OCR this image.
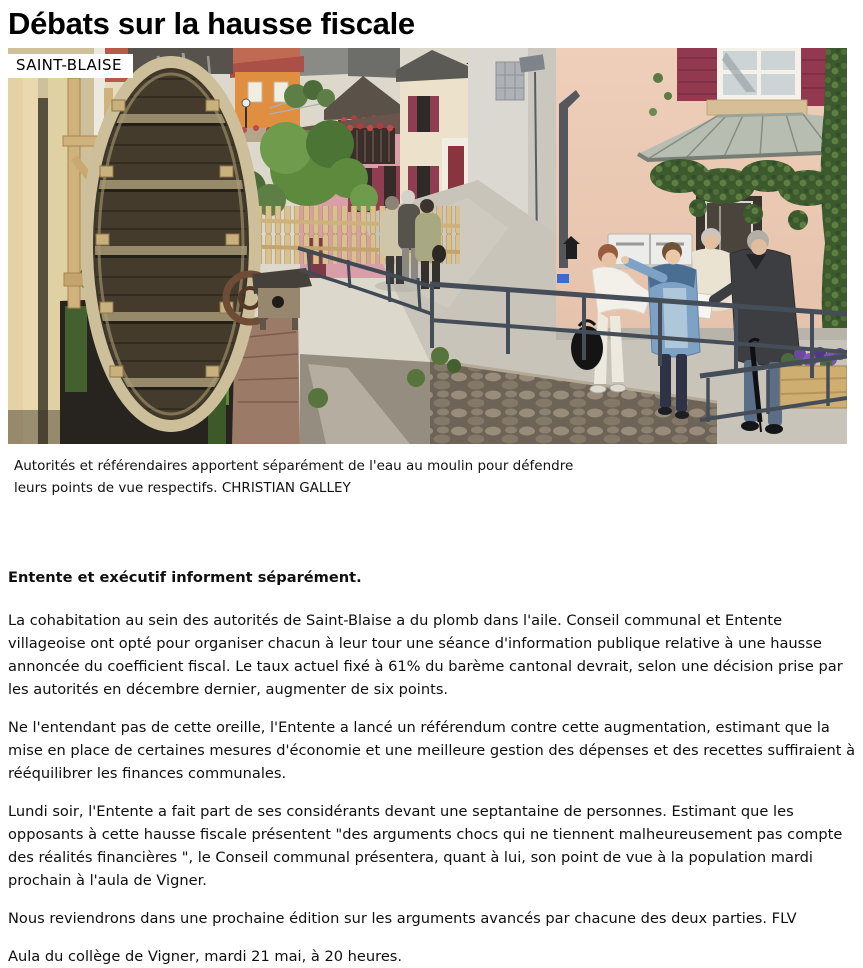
Débats sur la hausse fiscale
SAINT-BLAISE

Autorités et référendaires apportent séparément de l'eau au moulin pour défendre leurs points de vue respectifs. CHRISTIAN GALLEY

Entente et exécutif informent séparément.

La cohabitation au sein des autorités de Saint-Blaise a du plomb dans l'aile. Conseil communal et Entente villageoise ont opté pour organiser chacun à leur tour une séance d'information publique relative à une hausse annoncée du coefficient fiscal. Le taux actuel fixé à 61% du barème cantonal devrait, selon une décision prise par les autorités en décembre dernier, augmenter de six points.

Ne l'entendant pas de cette oreille, l'Entente a lancé un référendum contre cette augmentation, estimant que la mise en place de certaines mesures d'économie et une meilleure gestion des dépenses et des recettes suffiraient à rééquilibrer les finances communales.

Lundi soir, l'Entente a fait part de ses considérants devant une septantaine de personnes. Estimant que les opposants à cette hausse fiscale présentent "des arguments chocs qui ne tiennent malheureusement pas compte des réalités financières ", le Conseil communal présentera, quant à lui, son point de vue à la population mardi prochain à l'aula de Vigner.

Nous reviendrons dans une prochaine édition sur les arguments avancés par chacune des deux parties. FLV

Aula du collège de Vigner, mardi 21 mai, à 20 heures.
